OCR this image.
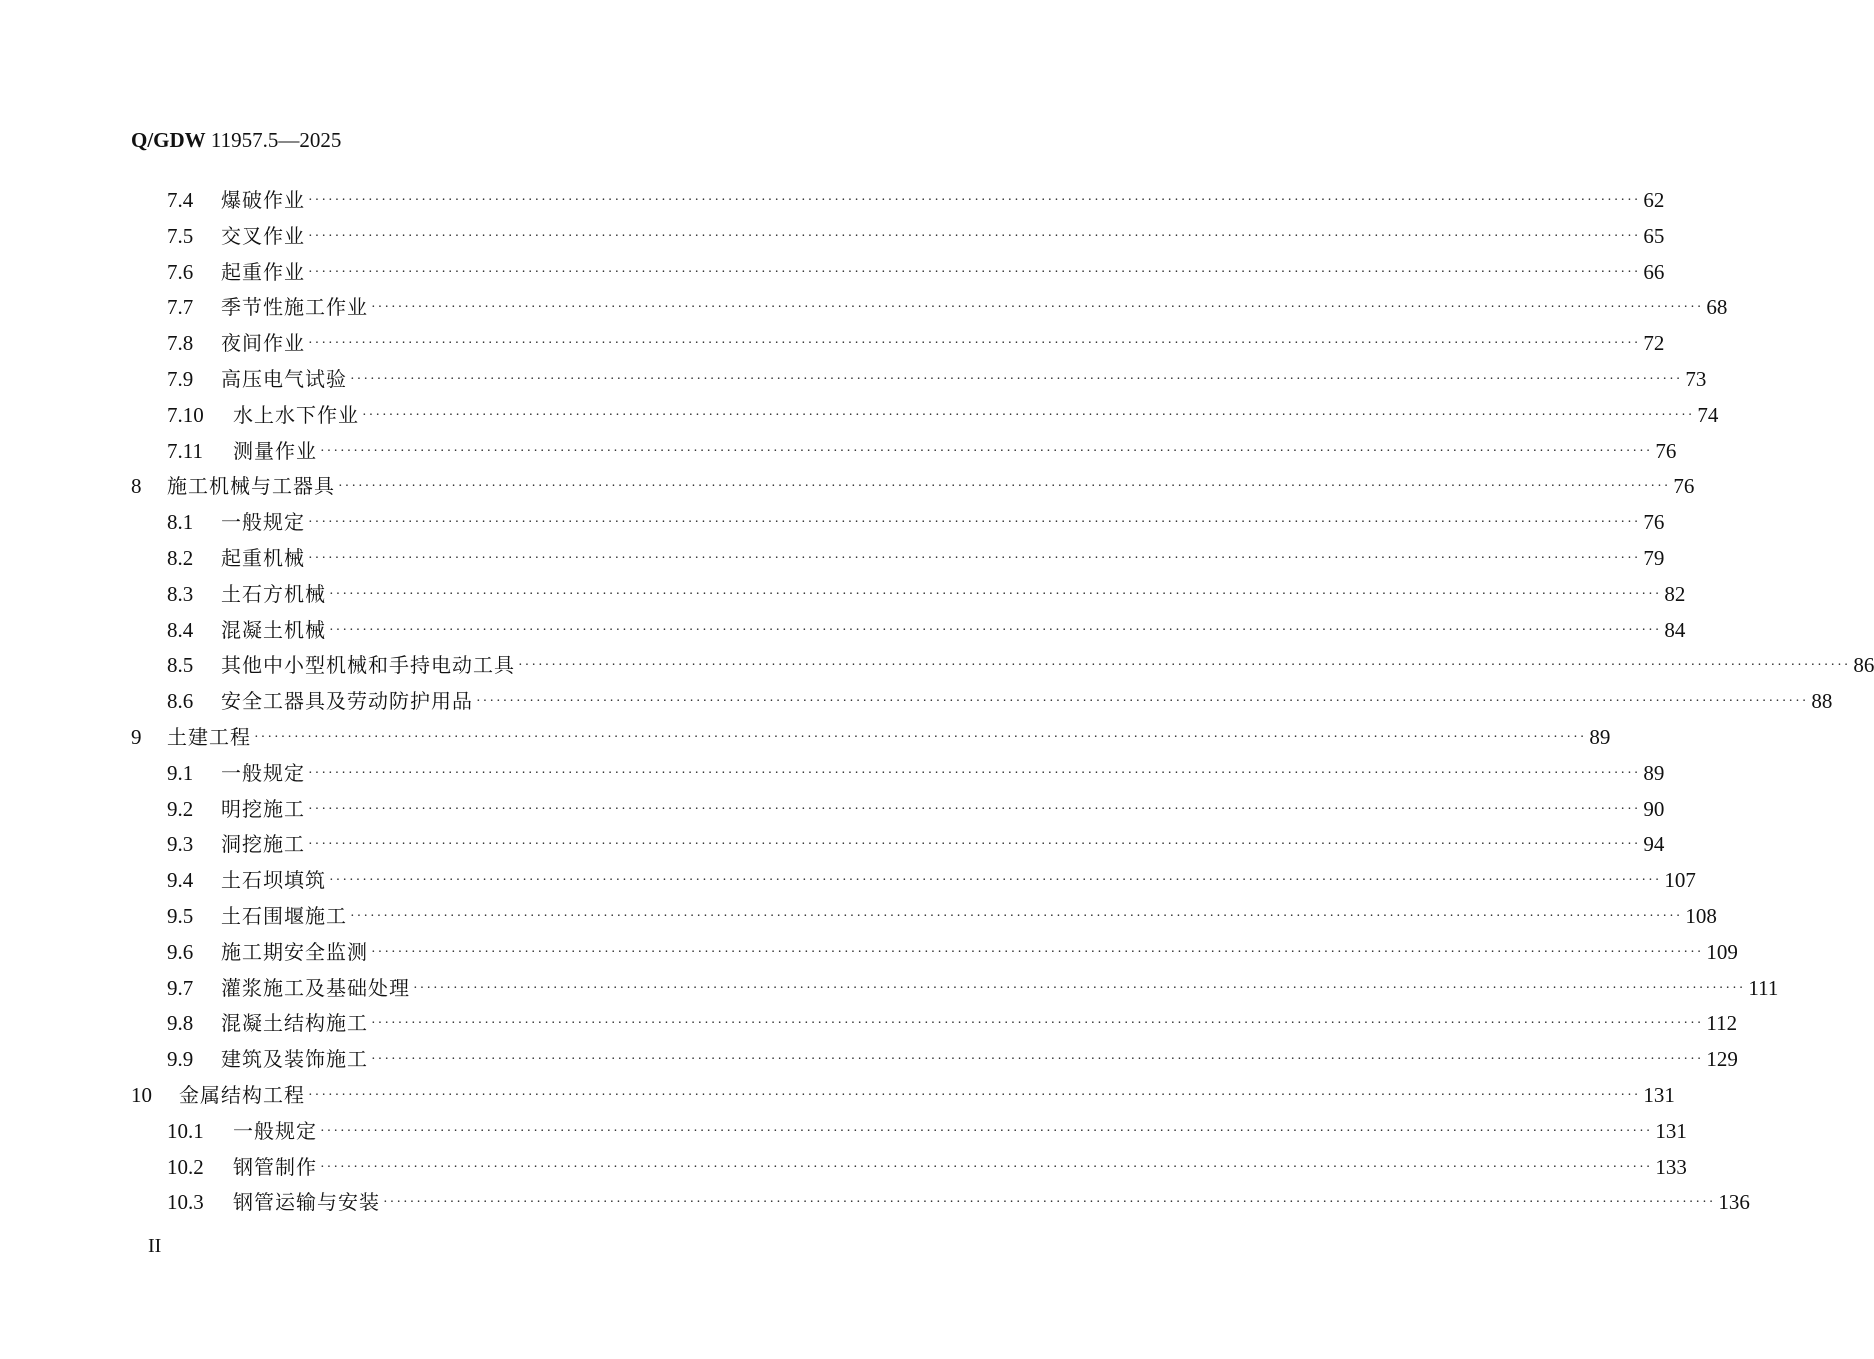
Q/GDW 11957.5—2025
7.4	爆破作业 ········································································································································································································ 62
7.5	交叉作业 ········································································································································································································ 65
7.6	起重作业 ········································································································································································································ 66
7.7	季节性施工作业 ········································································································································································································ 68
7.8	夜间作业 ········································································································································································································ 72
7.9	高压电气试验 ········································································································································································································ 73
7.10	水上水下作业 ········································································································································································································ 74
7.11	测量作业 ········································································································································································································ 76
8	施工机械与工器具 ········································································································································································································ 76
8.1	一般规定 ········································································································································································································ 76
8.2	起重机械 ········································································································································································································ 79
8.3	土石方机械 ········································································································································································································ 82
8.4	混凝土机械 ········································································································································································································ 84
8.5	其他中小型机械和手持电动工具 ········································································································································································································ 86
8.6	安全工器具及劳动防护用品 ········································································································································································································ 88
9	土建工程 ········································································································································································································ 89
9.1	一般规定 ········································································································································································································ 89
9.2	明挖施工 ········································································································································································································ 90
9.3	洞挖施工 ········································································································································································································ 94
9.4	土石坝填筑 ········································································································································································································ 107
9.5	土石围堰施工 ········································································································································································································ 108
9.6	施工期安全监测 ········································································································································································································ 109
9.7	灌浆施工及基础处理 ········································································································································································································ 111
9.8	混凝土结构施工 ········································································································································································································ 112
9.9	建筑及装饰施工 ········································································································································································································ 129
10	金属结构工程 ········································································································································································································ 131
10.1	一般规定 ········································································································································································································ 131
10.2	钢管制作 ········································································································································································································ 133
10.3	钢管运输与安装 ········································································································································································································ 136
II
